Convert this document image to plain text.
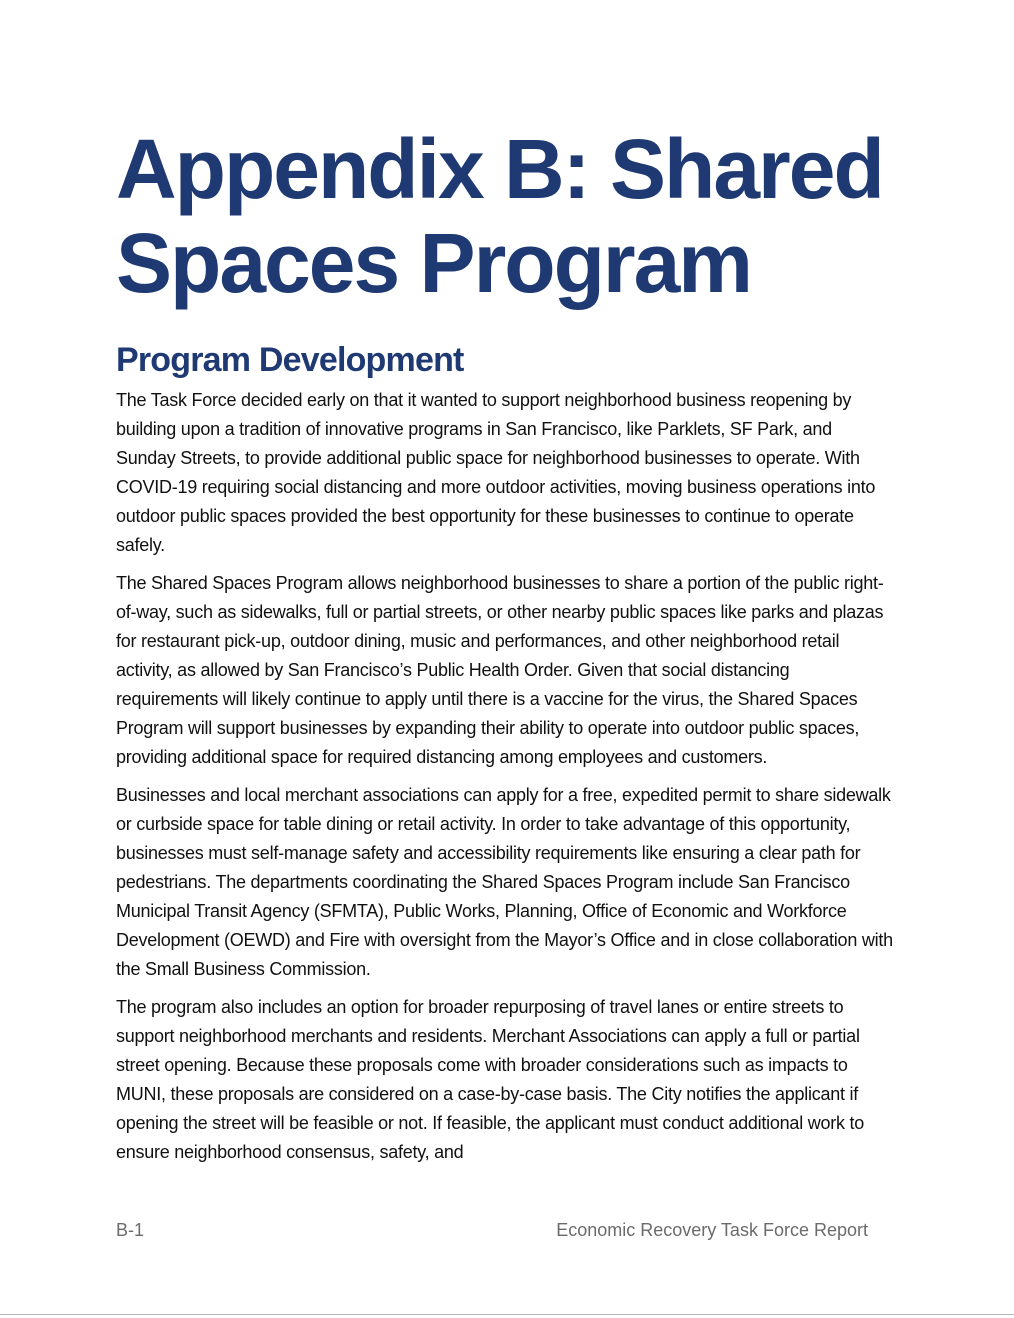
Appendix B: Shared Spaces Program
Program Development

The Task Force decided early on that it wanted to support neighborhood business reopening by building upon a tradition of innovative programs in San Francisco, like Parklets, SF Park, and Sunday Streets, to provide additional public space for neighborhood businesses to operate. With COVID-19 requiring social distancing and more outdoor activities, moving business operations into outdoor public spaces provided the best opportunity for these businesses to continue to operate safely.

The Shared Spaces Program allows neighborhood businesses to share a portion of the public right-of-way, such as sidewalks, full or partial streets, or other nearby public spaces like parks and plazas for restaurant pick-up, outdoor dining, music and performances, and other neighborhood retail activity, as allowed by San Francisco’s Public Health Order. Given that social distancing requirements will likely continue to apply until there is a vaccine for the virus, the Shared Spaces Program will support businesses by expanding their ability to operate into outdoor public spaces, providing additional space for required distancing among employees and customers.

Businesses and local merchant associations can apply for a free, expedited permit to share sidewalk or curbside space for table dining or retail activity. In order to take advantage of this opportunity, businesses must self-manage safety and accessibility requirements like ensuring a clear path for pedestrians. The departments coordinating the Shared Spaces Program include San Francisco Municipal Transit Agency (SFMTA), Public Works, Planning, Office of Economic and Workforce Development (OEWD) and Fire with oversight from the Mayor’s Office and in close collaboration with the Small Business Commission.

The program also includes an option for broader repurposing of travel lanes or entire streets to support neighborhood merchants and residents. Merchant Associations can apply a full or partial street opening. Because these proposals come with broader considerations such as impacts to MUNI, these proposals are considered on a case-by-case basis. The City notifies the applicant if opening the street will be feasible or not. If feasible, the applicant must conduct additional work to ensure neighborhood consensus, safety, and

B-1	Economic Recovery Task Force Report
